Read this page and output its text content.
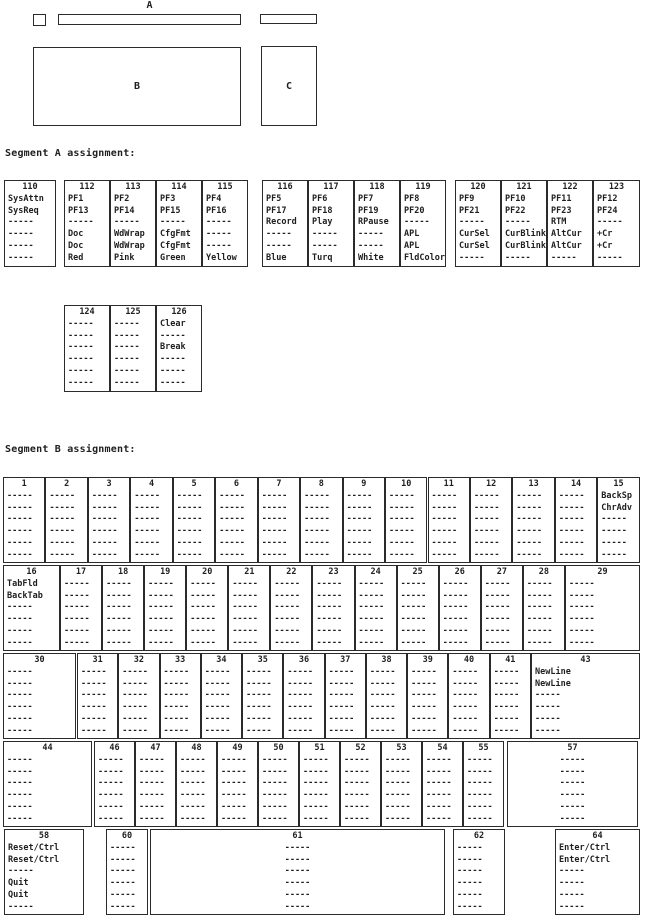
A
B	C
Segment A assignment:
Segment B assignment:
110
SysAttn
SysReq
-----
-----
-----
-----
112
PF1
PF13
-----
Doc
Doc
Red
113
PF2
PF14
-----
WdWrap
WdWrap
Pink
114
PF3
PF15
-----
CfgFmt
CfgFmt
Green
115
PF4
PF16
-----
-----
-----
Yellow
116
PF5
PF17
Record
-----
-----
Blue
117
PF6
PF18
Play
-----
-----
Turq
118
PF7
PF19
RPause
-----
-----
White
119
PF8
PF20
-----
APL
APL
FldColor
120
PF9
PF21
-----
CurSel
CurSel
-----
121
PF10
PF22
-----
CurBlink
CurBlink
-----
122
PF11
PF23
RTM
AltCur
AltCur
-----
123
PF12
PF24
-----
+Cr
+Cr
-----
124
-----
-----
-----
-----
-----
-----
125
-----
-----
-----
-----
-----
-----
126
Clear
-----
Break
-----
-----
-----
1
-----
-----
-----
-----
-----
-----
2
-----
-----
-----
-----
-----
-----
3
-----
-----
-----
-----
-----
-----
4
-----
-----
-----
-----
-----
-----
5
-----
-----
-----
-----
-----
-----
6
-----
-----
-----
-----
-----
-----
7
-----
-----
-----
-----
-----
-----
8
-----
-----
-----
-----
-----
-----
9
-----
-----
-----
-----
-----
-----
10
-----
-----
-----
-----
-----
-----
11
-----
-----
-----
-----
-----
-----
12
-----
-----
-----
-----
-----
-----
13
-----
-----
-----
-----
-----
-----
14
-----
-----
-----
-----
-----
-----
15
BackSp
ChrAdv
-----
-----
-----
-----
16
TabFld
BackTab
-----
-----
-----
-----
17
-----
-----
-----
-----
-----
-----
18
-----
-----
-----
-----
-----
-----
19
-----
-----
-----
-----
-----
-----
20
-----
-----
-----
-----
-----
-----
21
-----
-----
-----
-----
-----
-----
22
-----
-----
-----
-----
-----
-----
23
-----
-----
-----
-----
-----
-----
24
-----
-----
-----
-----
-----
-----
25
-----
-----
-----
-----
-----
-----
26
-----
-----
-----
-----
-----
-----
27
-----
-----
-----
-----
-----
-----
28
-----
-----
-----
-----
-----
-----
29
-----
-----
-----
-----
-----
-----
30
-----
-----
-----
-----
-----
-----
31
-----
-----
-----
-----
-----
-----
32
-----
-----
-----
-----
-----
-----
33
-----
-----
-----
-----
-----
-----
34
-----
-----
-----
-----
-----
-----
35
-----
-----
-----
-----
-----
-----
36
-----
-----
-----
-----
-----
-----
37
-----
-----
-----
-----
-----
-----
38
-----
-----
-----
-----
-----
-----
39
-----
-----
-----
-----
-----
-----
40
-----
-----
-----
-----
-----
-----
41
-----
-----
-----
-----
-----
-----
43
NewLine
NewLine
-----
-----
-----
-----
44
-----
-----
-----
-----
-----
-----
46
-----
-----
-----
-----
-----
-----
47
-----
-----
-----
-----
-----
-----
48
-----
-----
-----
-----
-----
-----
49
-----
-----
-----
-----
-----
-----
50
-----
-----
-----
-----
-----
-----
51
-----
-----
-----
-----
-----
-----
52
-----
-----
-----
-----
-----
-----
53
-----
-----
-----
-----
-----
-----
54
-----
-----
-----
-----
-----
-----
55
-----
-----
-----
-----
-----
-----
57
-----
-----
-----
-----
-----
-----
58
Reset/Ctrl
Reset/Ctrl
-----
Quit
Quit
-----
60
-----
-----
-----
-----
-----
-----
61
-----
-----
-----
-----
-----
-----
62
-----
-----
-----
-----
-----
-----
64
Enter/Ctrl
Enter/Ctrl
-----
-----
-----
-----
